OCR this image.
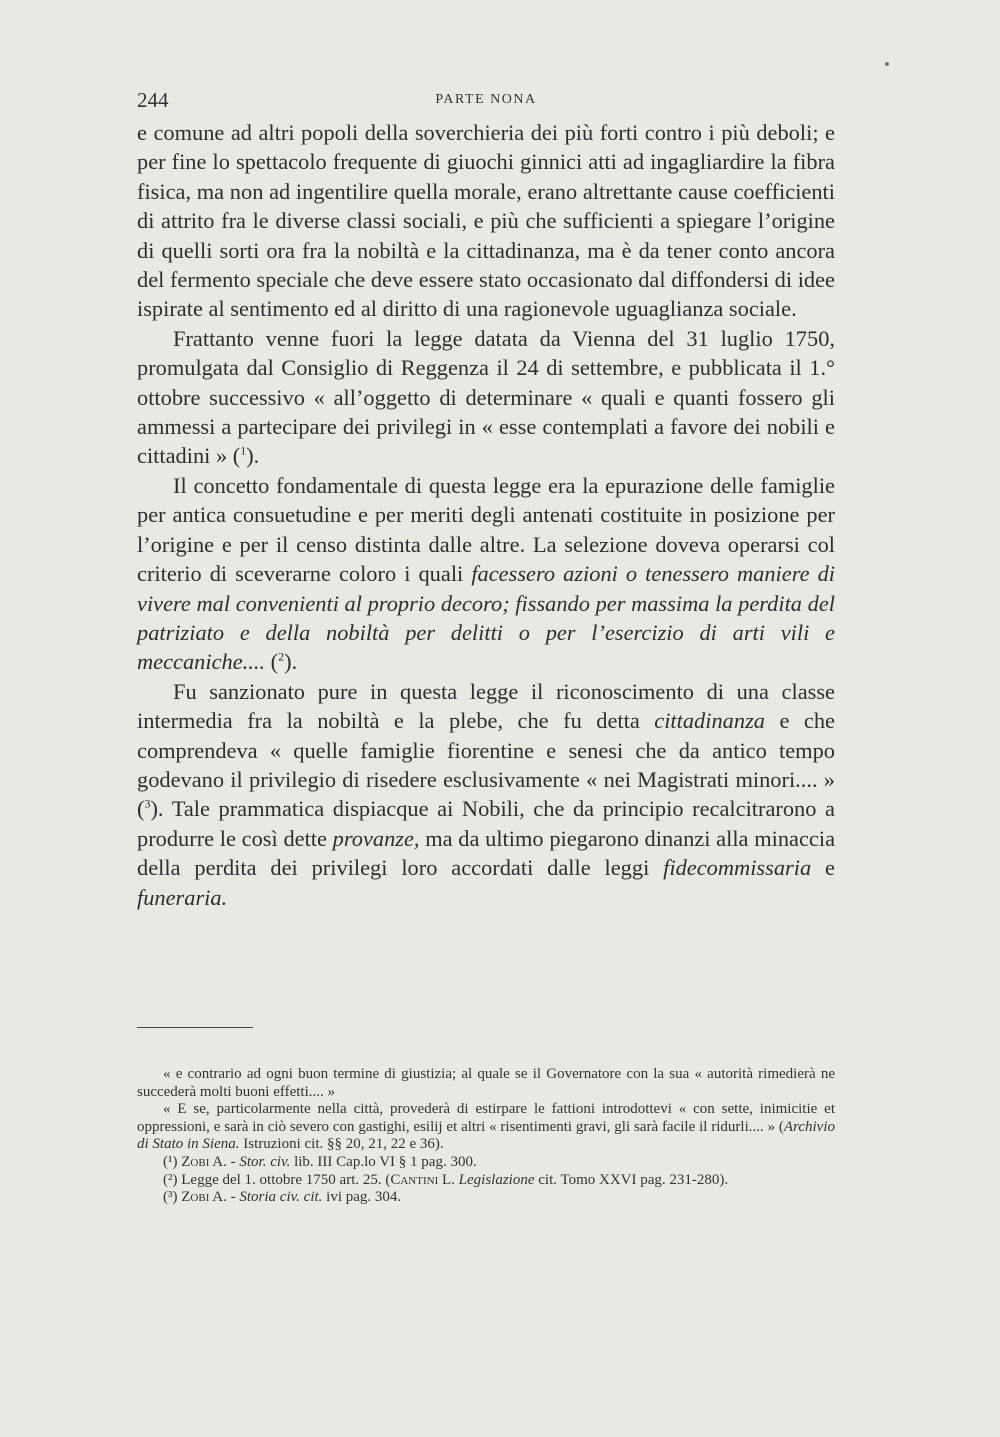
244	PARTE NONA

e comune ad altri popoli della soverchieria dei più forti contro i più deboli; e per fine lo spettacolo frequente di giuochi ginnici atti ad ingagliardire la fibra fisica, ma non ad ingentilire quella morale, erano altrettante cause coefficienti di attrito fra le diverse classi sociali, e più che sufficienti a spiegare l’origine di quelli sorti ora fra la nobiltà e la cittadinanza, ma è da tener conto ancora del fermento speciale che deve essere stato occasionato dal diffondersi di idee ispirate al sentimento ed al diritto di una ragionevole uguaglianza sociale.

Frattanto venne fuori la legge datata da Vienna del 31 luglio 1750, promulgata dal Consiglio di Reggenza il 24 di settembre, e pubblicata il 1.° ottobre successivo « all’oggetto di determinare « quali e quanti fossero gli ammessi a partecipare dei privilegi in « esse contemplati a favore dei nobili e cittadini » ($^1$).

Il concetto fondamentale di questa legge era la epurazione delle famiglie per antica consuetudine e per meriti degli antenati costituite in posizione per l’origine e per il censo distinta dalle altre. La selezione doveva operarsi col criterio di sceverarne coloro i quali facessero azioni o tenessero maniere di vivere mal convenienti al proprio decoro; fissando per massima la perdita del patriziato e della nobiltà per delitti o per l’esercizio di arti vili e meccaniche.... ($^2$).

Fu sanzionato pure in questa legge il riconoscimento di una classe intermedia fra la nobiltà e la plebe, che fu detta cittadinanza e che comprendeva « quelle famiglie fiorentine e senesi che da antico tempo godevano il privilegio di risedere esclusivamente « nei Magistrati minori.... » ($^3$). Tale prammatica dispiacque ai Nobili, che da principio recalcitrarono a produrre le così dette provanze, ma da ultimo piegarono dinanzi alla minaccia della perdita dei privilegi loro accordati dalle leggi fidecommissaria e funeraria.

« e contrario ad ogni buon termine di giustizia; al quale se il Governatore con la sua « autorità rimedierà ne succederà molti buoni effetti.... »

« E se, particolarmente nella città, provederà di estirpare le fattioni introdottevi « con sette, inimicitie et oppressioni, e sarà in ciò severo con gastighi, esilij et altri « risentimenti gravi, gli sarà facile il ridurli.... » (Archivio di Stato in Siena. Istruzioni cit. §§ 20, 21, 22 e 36).

(¹) Zobi A. - Stor. civ. lib. III Cap.lo VI § 1 pag. 300.

(²) Legge del 1. ottobre 1750 art. 25. (Cantini L. Legislazione cit. Tomo XXVI pag. 231-280).

(³) Zobi A. - Storia civ. cit. ivi pag. 304.
